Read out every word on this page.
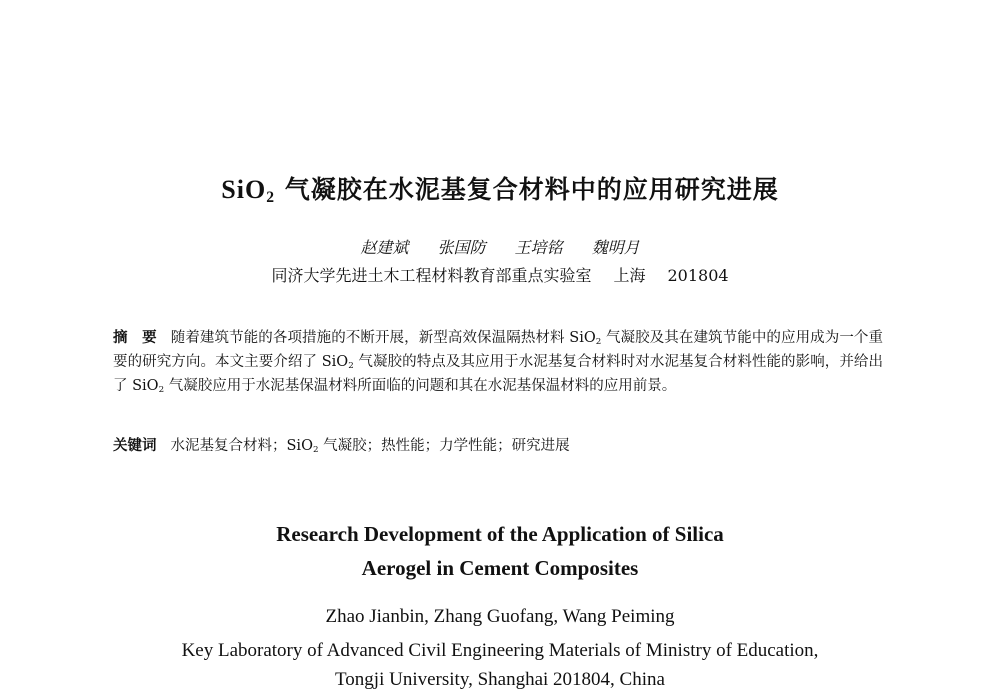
SiO$_2$ 气凝胶在水泥基复合材料中的应用研究进展
赵建斌 张国防 王培铭 魏明月
同济大学先进土木工程材料教育部重点实验室 上海 201804
摘　要 随着建筑节能的各项措施的不断开展，新型高效保温隔热材料 SiO$_2$ 气凝胶及其在建筑节能中的应用成为一个重要的研究方向。本文主要介绍了 SiO$_2$ 气凝胶的特点及其应用于水泥基复合材料时对水泥基复合材料性能的影响，并给出了 SiO$_2$ 气凝胶应用于水泥基保温材料所面临的问题和其在水泥基保温材料的应用前景。
关键词 水泥基复合材料；SiO$_2$ 气凝胶；热性能；力学性能；研究进展
Research Development of the Application of Silica
Aerogel in Cement Composites
Zhao Jianbin, Zhang Guofang, Wang Peiming
Key Laboratory of Advanced Civil Engineering Materials of Ministry of Education,
Tongji University, Shanghai 201804, China
